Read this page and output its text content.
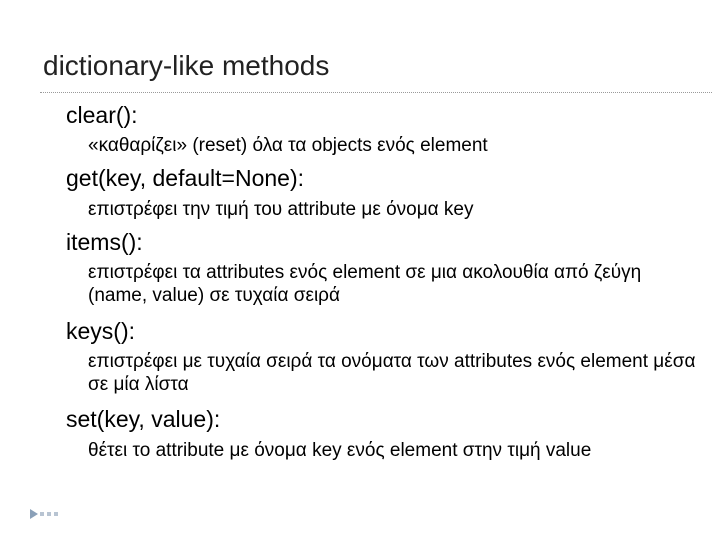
dictionary-like methods
clear():
«καθαρίζει» (reset) όλα τα objects ενός element
get(key, default=None):
επιστρέφει την τιμή του attribute με όνομα key
items():
επιστρέφει τα attributes ενός element σε μια ακολουθία από ζεύγη (name, value) σε τυχαία σειρά
keys():
επιστρέφει με τυχαία σειρά τα ονόματα των attributes ενός element μέσα σε μία λίστα
set(key, value):
θέτει το attribute με όνομα key ενός element στην τιμή value
